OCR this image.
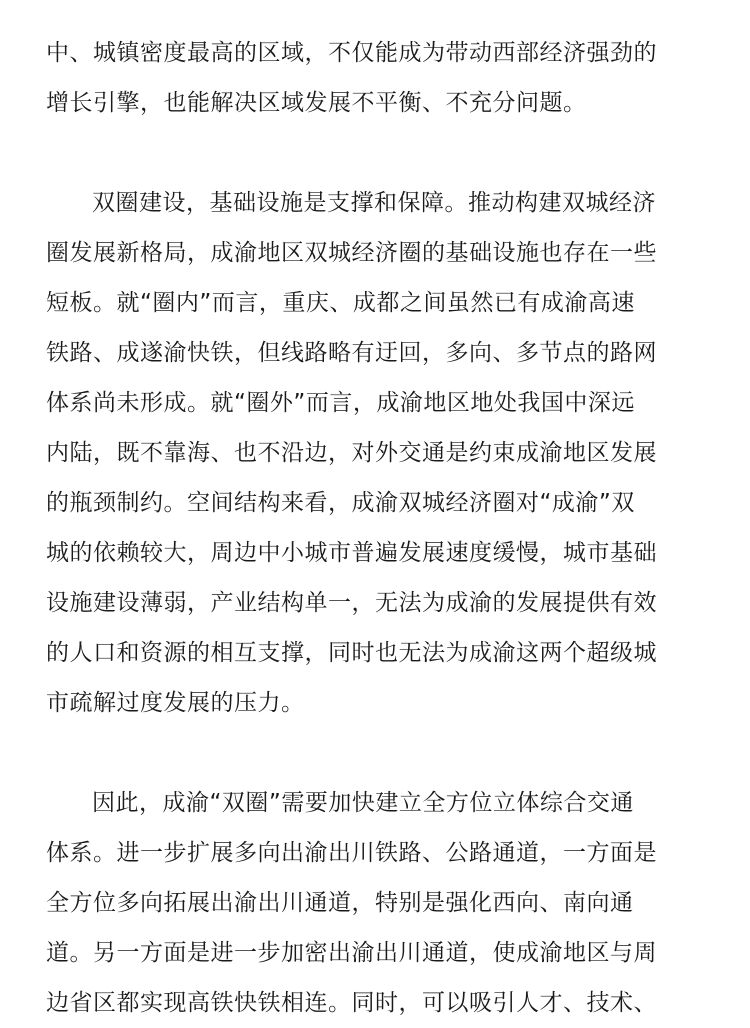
中、城镇密度最高的区域，不仅能成为带动西部经济强劲的
增长引擎，也能解决区域发展不平衡、不充分问题。

双圈建设，基础设施是支撑和保障。推动构建双城经济
圈发展新格局，成渝地区双城经济圈的基础设施也存在一些
短板。就“圈内”而言，重庆、成都之间虽然已有成渝高速
铁路、成遂渝快铁，但线路略有迂回，多向、多节点的路网
体系尚未形成。就“圈外”而言，成渝地区地处我国中深远
内陆，既不靠海、也不沿边，对外交通是约束成渝地区发展
的瓶颈制约。空间结构来看，成渝双城经济圈对“成渝”双
城的依赖较大，周边中小城市普遍发展速度缓慢，城市基础
设施建设薄弱，产业结构单一，无法为成渝的发展提供有效
的人口和资源的相互支撑，同时也无法为成渝这两个超级城
市疏解过度发展的压力。

因此，成渝“双圈”需要加快建立全方位立体综合交通
体系。进一步扩展多向出渝出川铁路、公路通道，一方面是
全方位多向拓展出渝出川通道，特别是强化西向、南向通
道。另一方面是进一步加密出渝出川通道，使成渝地区与周
边省区都实现高铁快铁相连。同时，可以吸引人才、技术、
